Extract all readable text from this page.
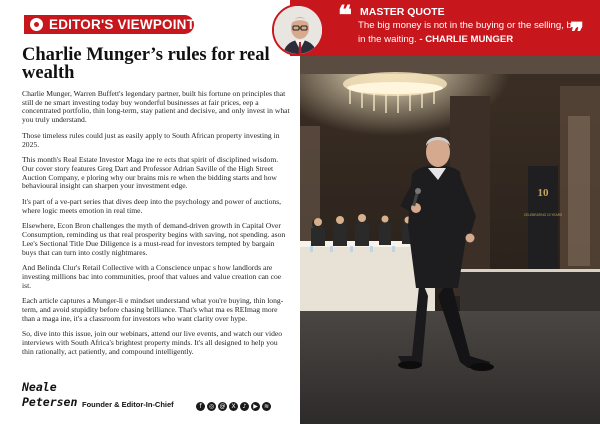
EDITOR'S VIEWPOINT
Charlie Munger’s rules for real wealth

Charlie Munger, Warren Buffett's legendary partner, built his fortune on principles that still de ne smart investing today buy wonderful businesses at fair prices, eep a concentrated portfolio, thin long-term, stay patient and decisive, and only invest in what you truly understand.

Those timeless rules could just as easily apply to South African property investing in 2025.

This month's Real Estate Investor Maga ine re ects that spirit of disciplined wisdom. Our cover story features Greg Dart and Professor Adrian Saville of the High Street Auction Company, e ploring why our brains mis re when the bidding starts and how behavioural insight can sharpen your investment edge.

It's part of a ve-part series that dives deep into the psychology and power of auctions, where logic meets emotion in real time.

Elsewhere, Econ Bron challenges the myth of demand-driven growth in Capital Over Consumption, reminding us that real prosperity begins with saving, not spending. ason Lee's Sectional Title Due Diligence is a must-read for investors tempted by bargain buys that can turn into costly nightmares.

And Belinda Clur's Retail Collective with a Conscience unpac s how landlords are investing millions bac into communities, proof that values and value creation can coe ist.

Each article captures a Munger-li e mindset understand what you're buying, thin long-term, and avoid stupidity before chasing brilliance. That's what ma es REImag more than a maga ine, it's a classroom for investors who want clarity over hype.

So, dive into this issue, join our webinars, attend our live events, and watch our video interviews with South Africa's brightest property minds. It's all designed to help you thin rationally, act patiently, and compound intelligently.

Neale
Petersen Founder & Editor-In-Chief	f	◎ @ X	♪	▶	≋
❝
❞
MASTER QUOTE
The big money is not in the buying or the selling, but in the waiting. - CHARLIE MUNGER
10
CELEBRATING 10 YEARS
